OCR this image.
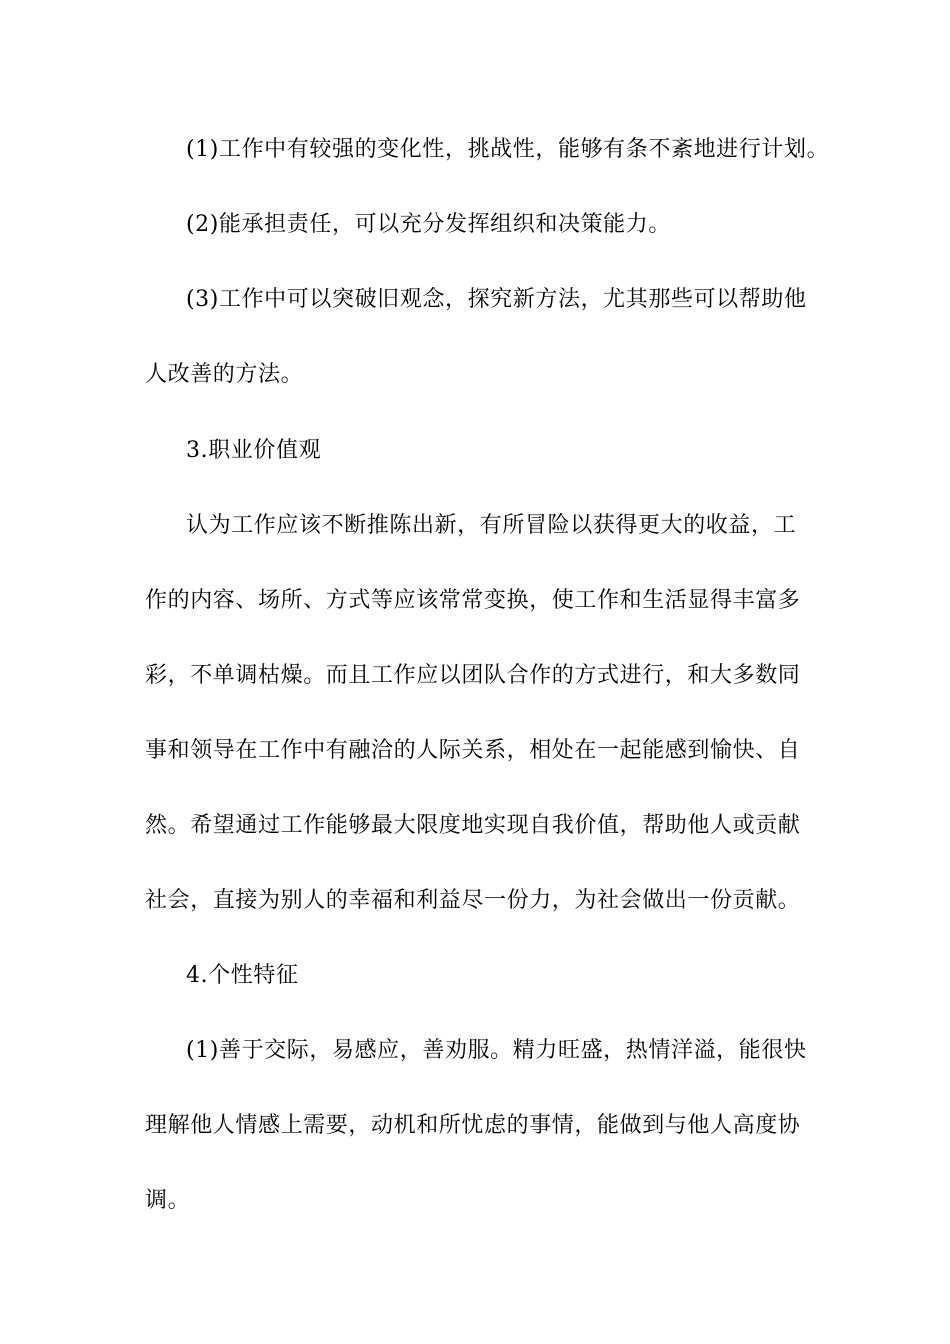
(1)工作中有较强的变化性，挑战性，能够有条不紊地进行计划。
(2)能承担责任，可以充分发挥组织和决策能力。
(3)工作中可以突破旧观念，探究新方法，尤其那些可以帮助他
人改善的方法。
3.职业价值观
认为工作应该不断推陈出新，有所冒险以获得更大的收益，工
作的内容、场所、方式等应该常常变换，使工作和生活显得丰富多
彩，不单调枯燥。而且工作应以团队合作的方式进行，和大多数同
事和领导在工作中有融洽的人际关系，相处在一起能感到愉快、自
然。希望通过工作能够最大限度地实现自我价值，帮助他人或贡献
社会，直接为别人的幸福和利益尽一份力，为社会做出一份贡献。
4.个性特征
(1)善于交际，易感应，善劝服。精力旺盛，热情洋溢，能很快
理解他人情感上需要，动机和所忧虑的事情，能做到与他人高度协
调。
